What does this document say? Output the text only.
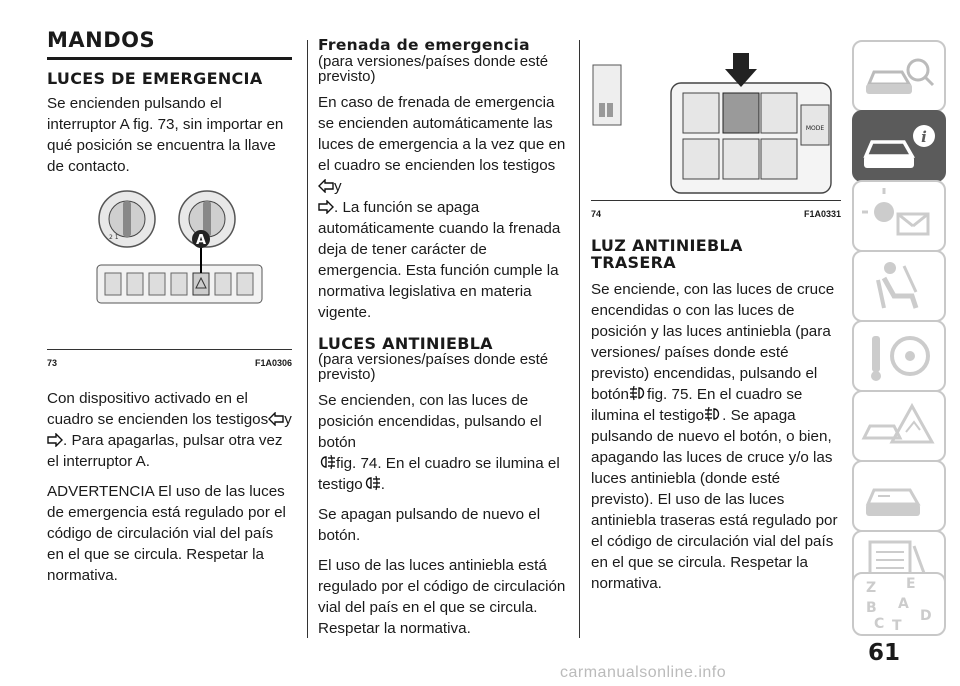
MANDOS
LUCES DE EMERGENCIA

Se encienden pulsando el interruptor A fig. 73, sin importar en qué posición se encuentra la llave de contacto.

2 1	A
73	F1A0306

Con dispositivo activado en el cuadro se encienden los testigos y. Para apagarlas, pulsar otra vez el interruptor A.

ADVERTENCIA El uso de las luces de emergencia está regulado por el código de circulación vial del país en el que se circula. Respetar la normativa.

Frenada de emergencia
(para versiones/países donde esté previsto)

En caso de frenada de emergencia se encienden automáticamente las luces de emergencia a la vez que en el cuadro se encienden los testigosy
. La función se apaga automáticamente cuando la frenada deja de tener carácter de emergencia. Esta función cumple la normativa legislativa en materia vigente.

LUCES ANTINIEBLA
(para versiones/países donde esté previsto)

Se encienden, con las luces de posición encendidas, pulsando el botón
fig. 74. En el cuadro se ilumina el testigo .

Se apagan pulsando de nuevo el botón.

El uso de las luces antiniebla está regulado por el código de circulación vial del país en el que se circula. Respetar la normativa.

MODE
74	F1A0331
LUZ ANTINIEBLA TRASERA

Se enciende, con las luces de cruce encendidas o con las luces de posición y las luces antiniebla (para versiones/ países donde esté previsto) encendidas, pulsando el botón fig. 75. En el cuadro se ilumina el testigo . Se apaga pulsando de nuevo el botón, o bien, apagando las luces de cruce y/o las luces antiniebla (donde esté previsto). El uso de las luces antiniebla traseras está regulado por el código de circulación vial del país en el que se circula. Respetar la normativa.

i
Z E
B A
C T
D
61
carmanualsonline.info
